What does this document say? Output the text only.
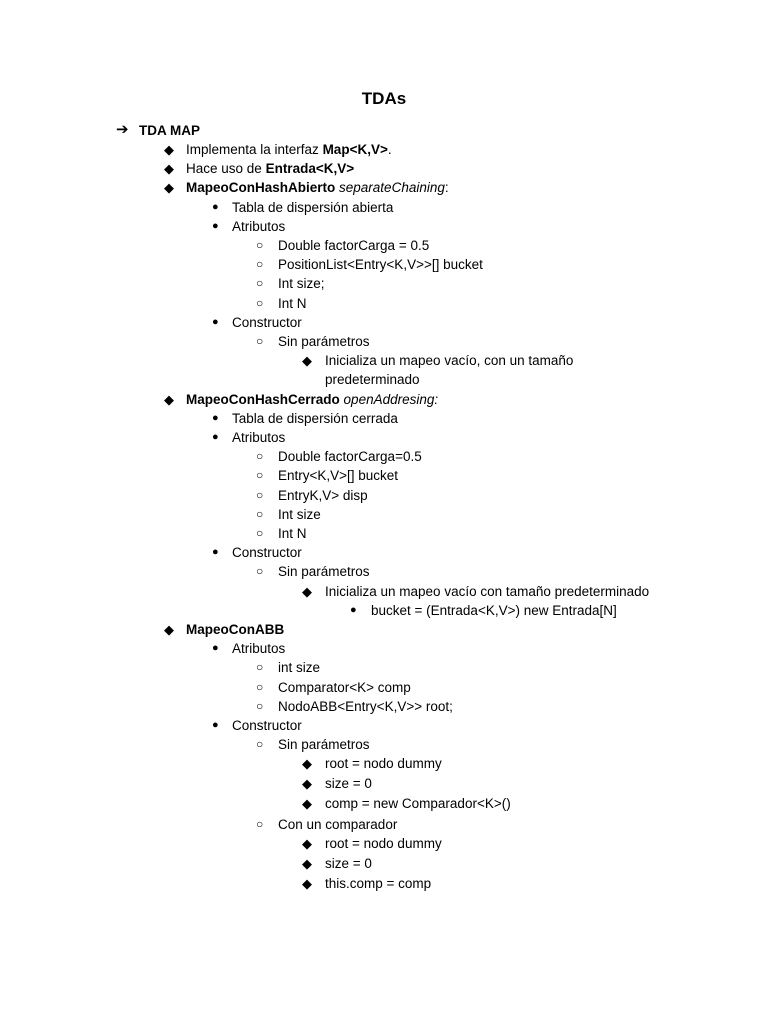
TDAs
➔ TDA MAP
◆ Implementa la interfaz Map<K,V>.
◆ Hace uso de Entrada<K,V>
◆ MapeoConHashAbierto separateChaining:
● Tabla de dispersión abierta
● Atributos
○ Double factorCarga = 0.5
○ PositionList<Entry<K,V>>[] bucket
○ Int size;
○ Int N
● Constructor
○ Sin parámetros
◆ Inicializa un mapeo vacío, con un tamaño
predeterminado
◆ MapeoConHashCerrado openAddresing:
● Tabla de dispersión cerrada
● Atributos
○ Double factorCarga=0.5
○ Entry<K,V>[] bucket
○ EntryK,V> disp
○ Int size
○ Int N
● Constructor
○ Sin parámetros
◆ Inicializa un mapeo vacío con tamaño predeterminado
● bucket = (Entrada<K,V>) new Entrada[N]
◆ MapeoConABB
● Atributos
○ int size
○ Comparator<K> comp
○ NodoABB<Entry<K,V>> root;
● Constructor
○ Sin parámetros
◆ root = nodo dummy
◆ size = 0
◆ comp = new Comparador<K>()
○ Con un comparador
◆ root = nodo dummy
◆ size = 0
◆ this.comp = comp
